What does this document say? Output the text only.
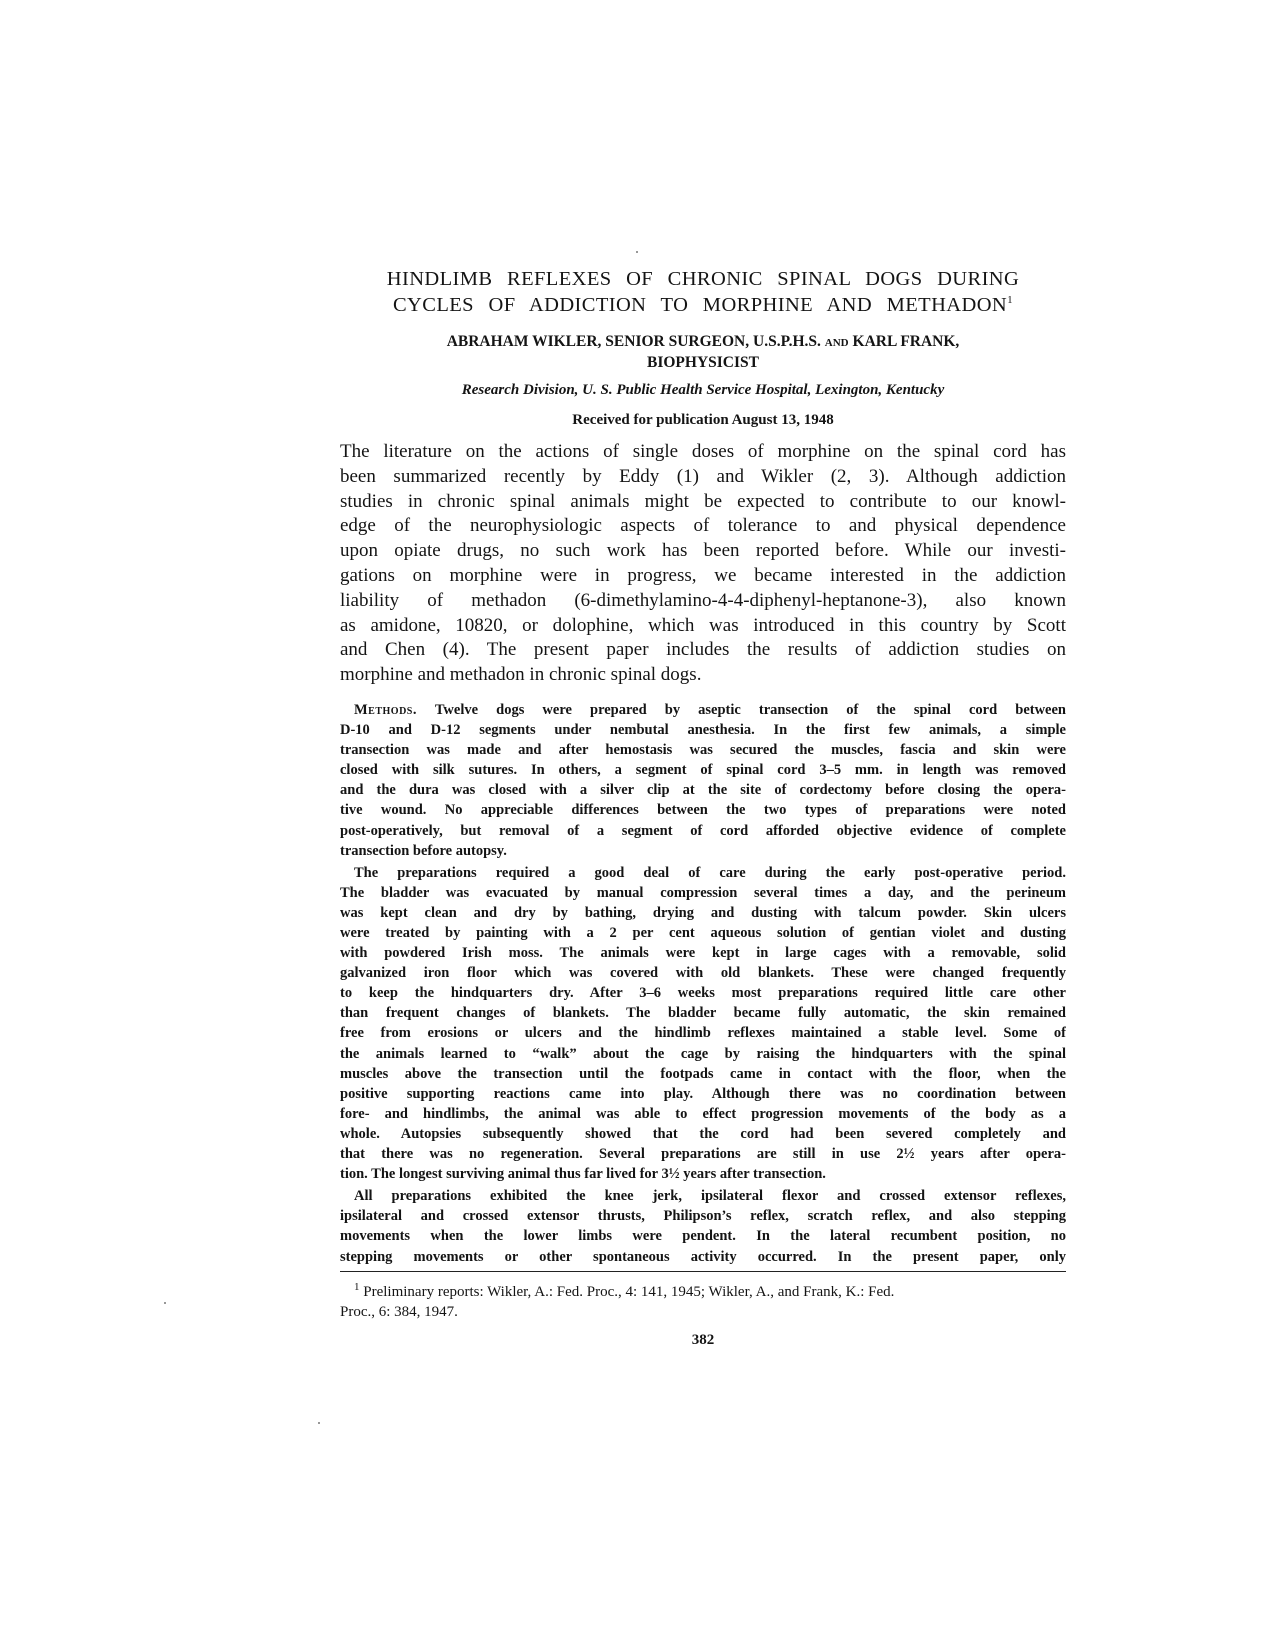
HINDLIMB REFLEXES OF CHRONIC SPINAL DOGS DURING
CYCLES OF ADDICTION TO MORPHINE AND METHADON$^1$
ABRAHAM WIKLER, SENIOR SURGEON, U.S.P.H.S. AND KARL FRANK,
BIOPHYSICIST
Research Division, U. S. Public Health Service Hospital, Lexington, Kentucky
Received for publication August 13, 1948
The literature on the actions of single doses of morphine on the spinal cord has
been summarized recently by Eddy (1) and Wikler (2, 3). Although addiction
studies in chronic spinal animals might be expected to contribute to our knowl-
edge of the neurophysiologic aspects of tolerance to and physical dependence
upon opiate drugs, no such work has been reported before. While our investi-
gations on morphine were in progress, we became interested in the addiction
liability of methadon (6-dimethylamino-4-4-diphenyl-heptanone-3), also known
as amidone, 10820, or dolophine, which was introduced in this country by Scott
and Chen (4). The present paper includes the results of addiction studies on
morphine and methadon in chronic spinal dogs.
Methods. Twelve dogs were prepared by aseptic transection of the spinal cord between
D-10 and D-12 segments under nembutal anesthesia. In the first few animals, a simple
transection was made and after hemostasis was secured the muscles, fascia and skin were
closed with silk sutures. In others, a segment of spinal cord 3–5 mm. in length was removed
and the dura was closed with a silver clip at the site of cordectomy before closing the opera-
tive wound. No appreciable differences between the two types of preparations were noted
post-operatively, but removal of a segment of cord afforded objective evidence of complete
transection before autopsy.
The preparations required a good deal of care during the early post-operative period.
The bladder was evacuated by manual compression several times a day, and the perineum
was kept clean and dry by bathing, drying and dusting with talcum powder. Skin ulcers
were treated by painting with a 2 per cent aqueous solution of gentian violet and dusting
with powdered Irish moss. The animals were kept in large cages with a removable, solid
galvanized iron floor which was covered with old blankets. These were changed frequently
to keep the hindquarters dry. After 3–6 weeks most preparations required little care other
than frequent changes of blankets. The bladder became fully automatic, the skin remained
free from erosions or ulcers and the hindlimb reflexes maintained a stable level. Some of
the animals learned to “walk” about the cage by raising the hindquarters with the spinal
muscles above the transection until the footpads came in contact with the floor, when the
positive supporting reactions came into play. Although there was no coordination between
fore- and hindlimbs, the animal was able to effect progression movements of the body as a
whole. Autopsies subsequently showed that the cord had been severed completely and
that there was no regeneration. Several preparations are still in use 2½ years after opera-
tion. The longest surviving animal thus far lived for 3½ years after transection.
All preparations exhibited the knee jerk, ipsilateral flexor and crossed extensor reflexes,
ipsilateral and crossed extensor thrusts, Philipson’s reflex, scratch reflex, and also stepping
movements when the lower limbs were pendent. In the lateral recumbent position, no
stepping movements or other spontaneous activity occurred. In the present paper, only
$^1$ Preliminary reports: Wikler, A.: Fed. Proc., 4: 141, 1945; Wikler, A., and Frank, K.: Fed.
Proc., 6: 384, 1947.
382
